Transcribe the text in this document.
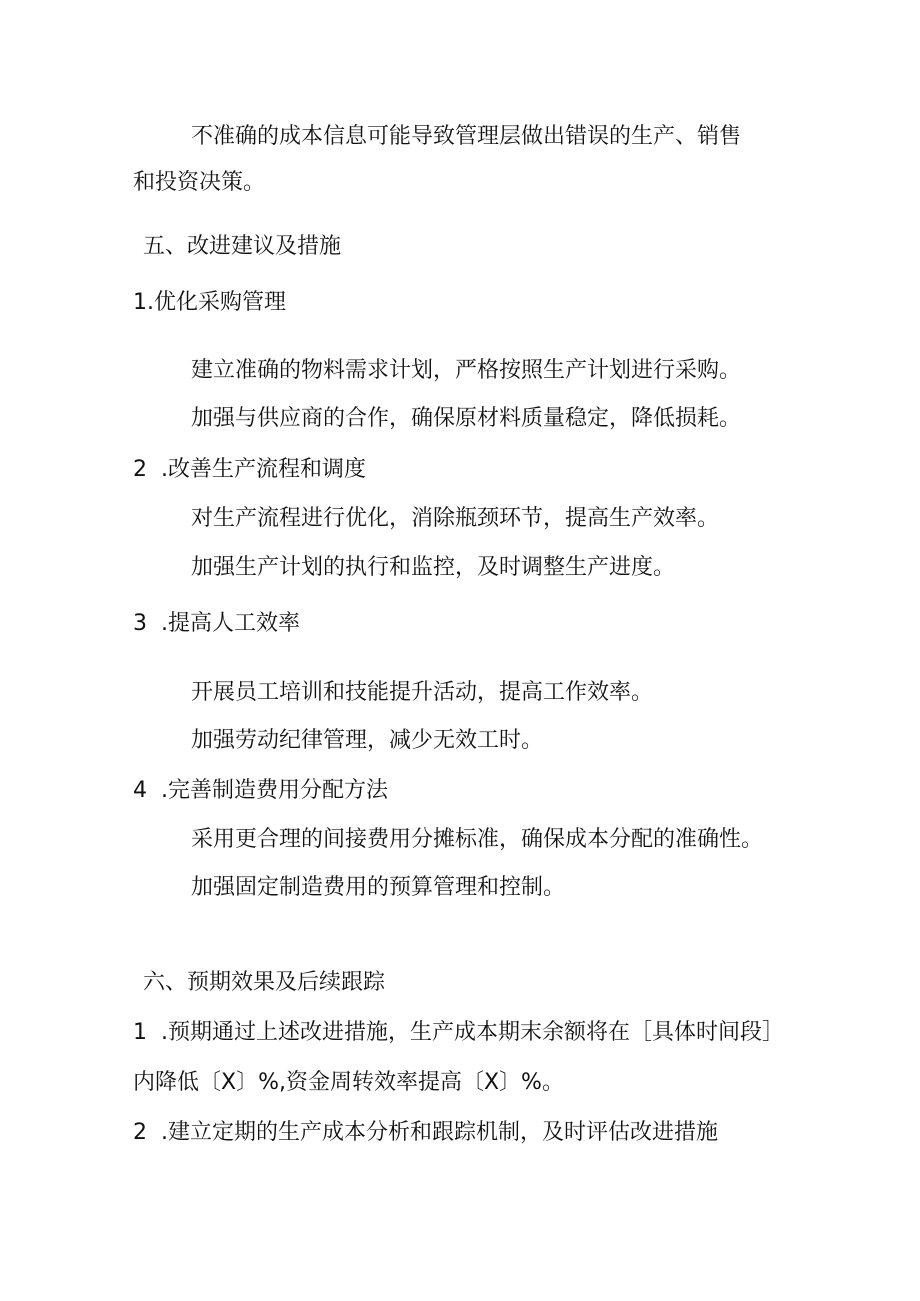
不准确的成本信息可能导致管理层做出错误的生产、销售

和投资决策。

五、改进建议及措施

1.优化采购管理

建立准确的物料需求计划，严格按照生产计划进行采购。

加强与供应商的合作，确保原材料质量稳定，降低损耗。

2  .改善生产流程和调度

对生产流程进行优化，消除瓶颈环节，提高生产效率。

加强生产计划的执行和监控，及时调整生产进度。

3  .提高人工效率

开展员工培训和技能提升活动，提高工作效率。

加强劳动纪律管理，减少无效工时。

4  .完善制造费用分配方法

采用更合理的间接费用分摊标准，确保成本分配的准确性。

加强固定制造费用的预算管理和控制。

六、预期效果及后续跟踪

1  .预期通过上述改进措施，生产成本期末余额将在［具体时间段］

内降低〔X〕%,资金周转效率提高〔X〕%。

2  .建立定期的生产成本分析和跟踪机制，及时评估改进措施
